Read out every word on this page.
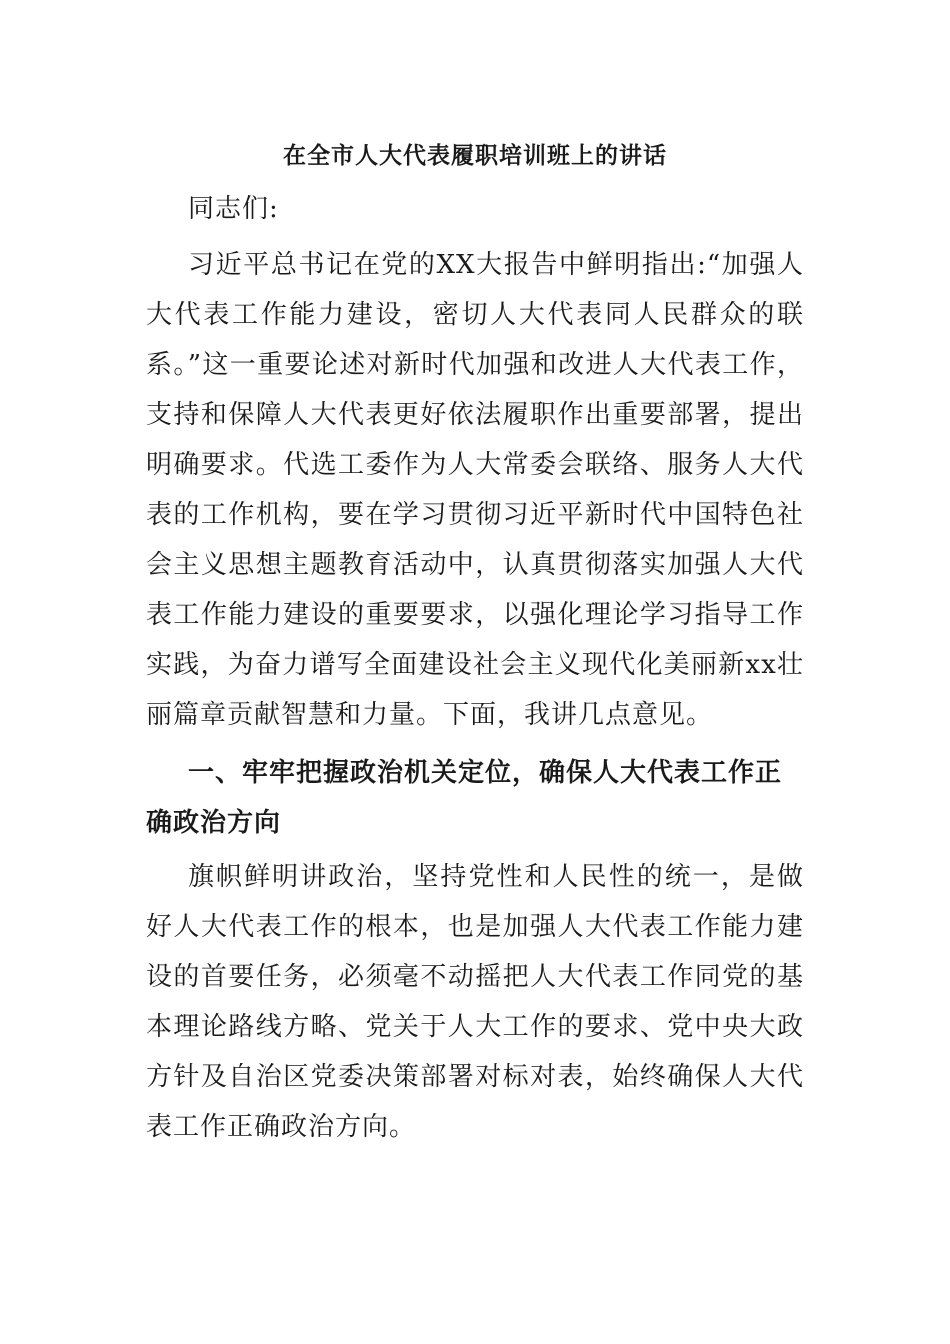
在全市人大代表履职培训班上的讲话

同志们:

习近平总书记在党的XX大报告中鲜明指出:“加强人大代表工作能力建设，密切人大代表同人民群众的联系。”这一重要论述对新时代加强和改进人大代表工作，支持和保障人大代表更好依法履职作出重要部署，提出明确要求。代选工委作为人大常委会联络、服务人大代表的工作机构，要在学习贯彻习近平新时代中国特色社会主义思想主题教育活动中，认真贯彻落实加强人大代表工作能力建设的重要要求，以强化理论学习指导工作实践，为奋力谱写全面建设社会主义现代化美丽新xx壮丽篇章贡献智慧和力量。下面，我讲几点意见。

一、牢牢把握政治机关定位，确保人大代表工作正确政治方向

旗帜鲜明讲政治，坚持党性和人民性的统一，是做好人大代表工作的根本，也是加强人大代表工作能力建设的首要任务，必须毫不动摇把人大代表工作同党的基本理论路线方略、党关于人大工作的要求、党中央大政方针及自治区党委决策部署对标对表，始终确保人大代表工作正确政治方向。
